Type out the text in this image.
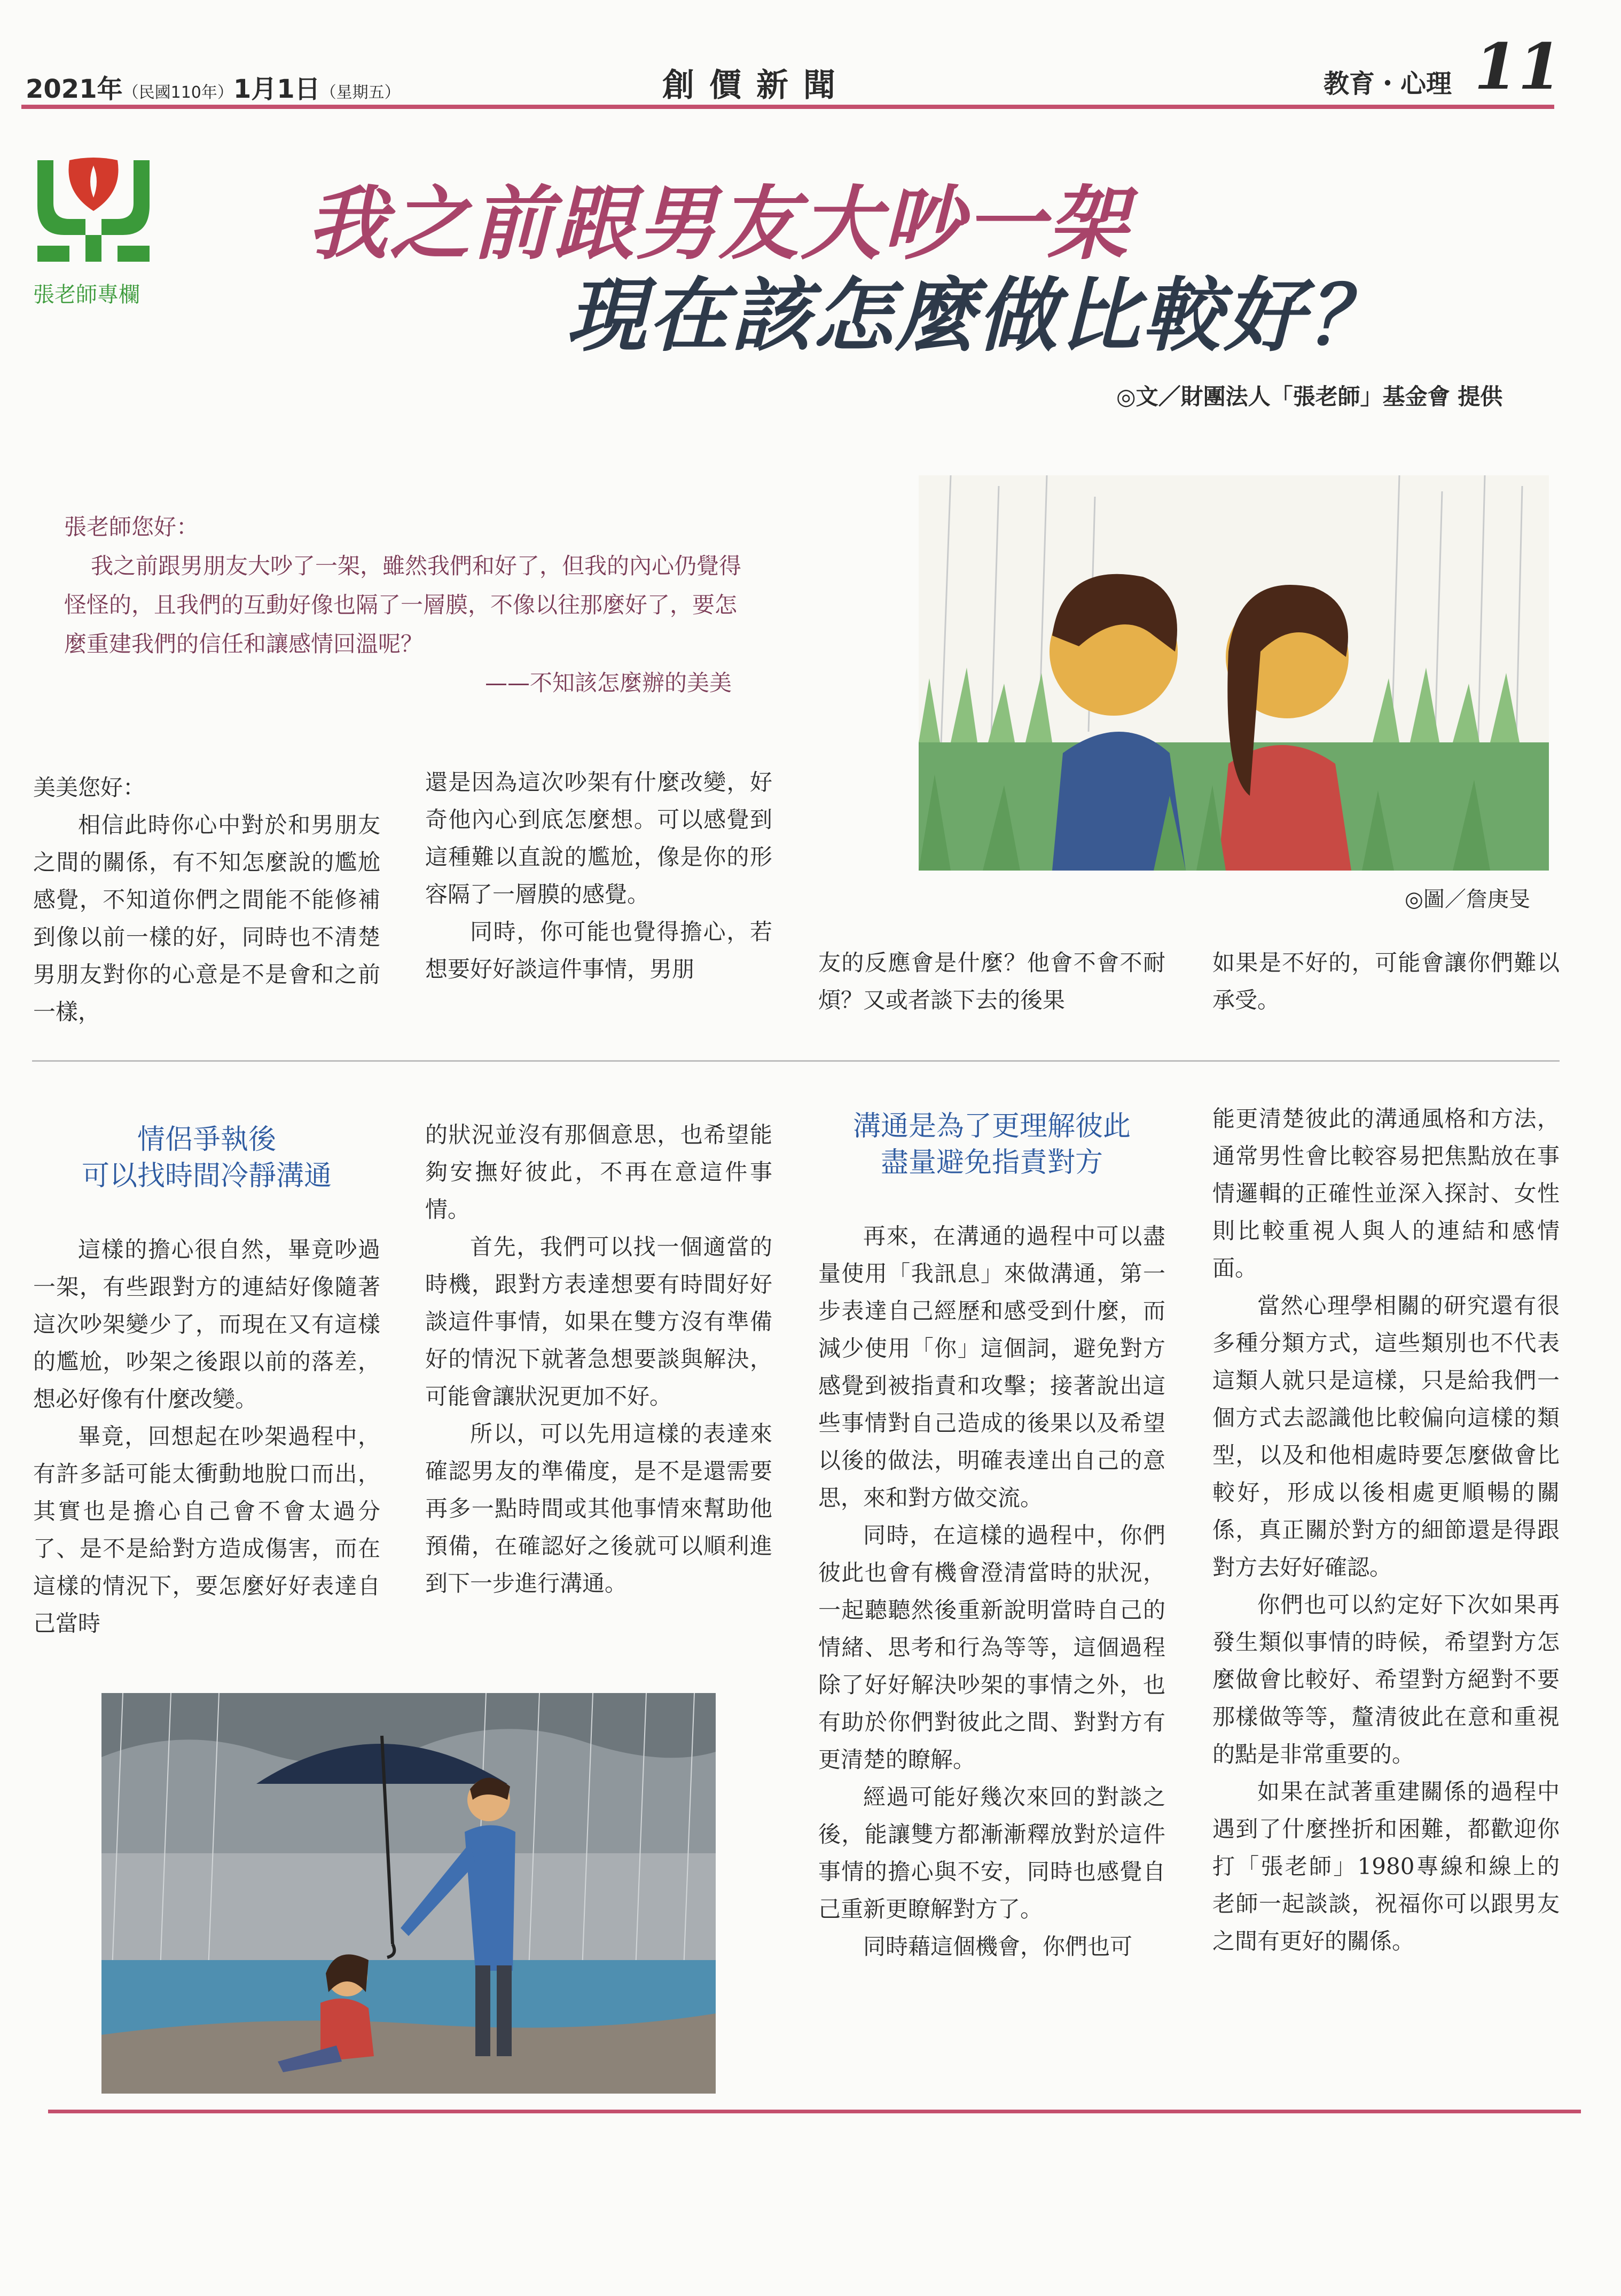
2021年（民國110年）1月1日（星期五）	創價新聞	教育・心理 11
張老師專欄
我之前跟男友大吵一架
現在該怎麼做比較好？
◎文／財團法人「張老師」基金會 提供

張老師您好：

我之前跟男朋友大吵了一架，雖然我們和好了，但我的內心仍覺得怪怪的，且我們的互動好像也隔了一層膜，不像以往那麼好了，要怎麼重建我們的信任和讓感情回溫呢？

——不知該怎麼辦的美美

◎圖／詹庚旻

美美您好：

相信此時你心中對於和男朋友之間的關係，有不知怎麼說的尷尬感覺，不知道你們之間能不能修補到像以前一樣的好，同時也不清楚男朋友對你的心意是不是會和之前一樣，

還是因為這次吵架有什麼改變，好奇他內心到底怎麼想。可以感覺到這種難以直說的尷尬，像是你的形容隔了一層膜的感覺。

同時，你可能也覺得擔心，若想要好好談這件事情，男朋	友的反應會是什麼？他會不會不耐煩？又或者談下去的後果

如果是不好的，可能會讓你們難以承受。

情侶爭執後
可以找時間冷靜溝通

這樣的擔心很自然，畢竟吵過一架，有些跟對方的連結好像隨著這次吵架變少了，而現在又有這樣的尷尬，吵架之後跟以前的落差，想必好像有什麼改變。

畢竟，回想起在吵架過程中，有許多話可能太衝動地脫口而出，其實也是擔心自己會不會太過分了、是不是給對方造成傷害，而在這樣的情況下，要怎麼好好表達自己當時

的狀況並沒有那個意思，也希望能夠安撫好彼此，不再在意這件事情。

首先，我們可以找一個適當的時機，跟對方表達想要有時間好好談這件事情，如果在雙方沒有準備好的情況下就著急想要談與解決，可能會讓狀況更加不好。

所以，可以先用這樣的表達來確認男友的準備度，是不是還需要再多一點時間或其他事情來幫助他預備，在確認好之後就可以順利進到下一步進行溝通。

溝通是為了更理解彼此
盡量避免指責對方

再來，在溝通的過程中可以盡量使用「我訊息」來做溝通，第一步表達自己經歷和感受到什麼，而減少使用「你」這個詞，避免對方感覺到被指責和攻擊；接著說出這些事情對自己造成的後果以及希望以後的做法，明確表達出自己的意思，來和對方做交流。

同時，在這樣的過程中，你們彼此也會有機會澄清當時的狀況，一起聽聽然後重新說明當時自己的情緒、思考和行為等等，這個過程除了好好解決吵架的事情之外，也有助於你們對彼此之間、對對方有更清楚的瞭解。

經過可能好幾次來回的對談之後，能讓雙方都漸漸釋放對於這件事情的擔心與不安，同時也感覺自己重新更瞭解對方了。

同時藉這個機會，你們也可

能更清楚彼此的溝通風格和方法，通常男性會比較容易把焦點放在事情邏輯的正確性並深入探討、女性則比較重視人與人的連結和感情面。

當然心理學相關的研究還有很多種分類方式，這些類別也不代表這類人就只是這樣，只是給我們一個方式去認識他比較偏向這樣的類型，以及和他相處時要怎麼做會比較好，形成以後相處更順暢的關係，真正關於對方的細節還是得跟對方去好好確認。

你們也可以約定好下次如果再發生類似事情的時候，希望對方怎麼做會比較好、希望對方絕對不要那樣做等等，釐清彼此在意和重視的點是非常重要的。

如果在試著重建關係的過程中遇到了什麼挫折和困難，都歡迎你打「張老師」1980專線和線上的老師一起談談，祝福你可以跟男友之間有更好的關係。
